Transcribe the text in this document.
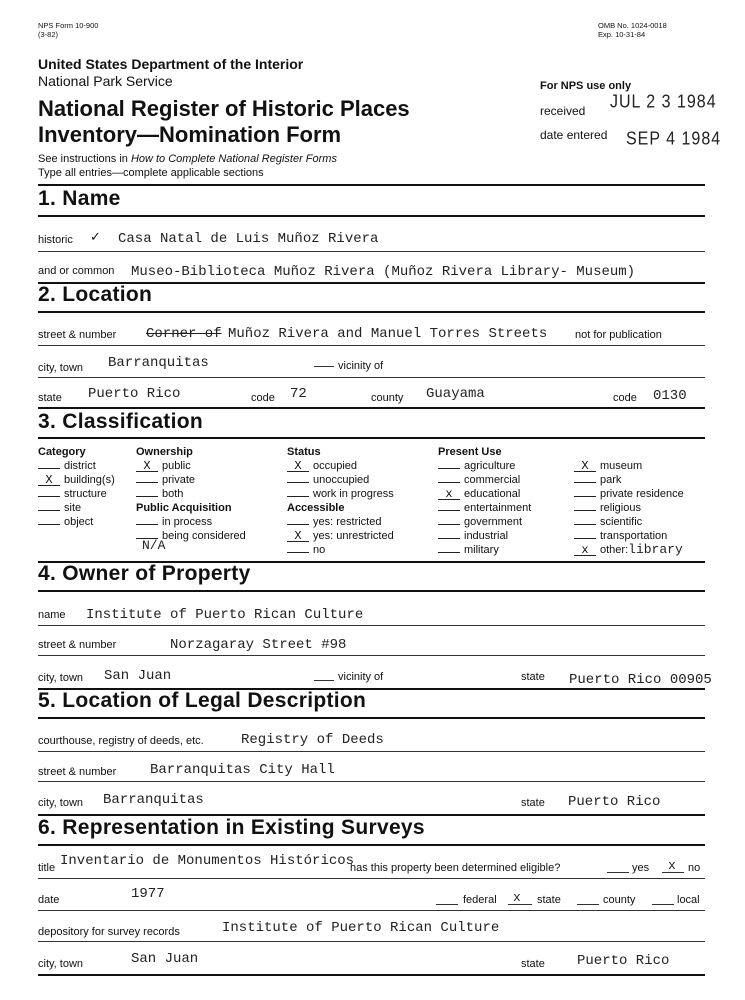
NPS Form 10-900
(3-82)
OMB No. 1024-0018
Exp. 10-31-84
United States Department of the Interior
National Park Service
National Register of Historic Places
Inventory—Nomination Form
See instructions in How to Complete National Register Forms
Type all entries—complete applicable sections
For NPS use only
received JUL 2 3 1984
date entered SEP 4 1984
1. Name
historic ✓ Casa Natal de Luis Muñoz Rivera
and or common Museo-Biblioteca Muñoz Rivera (Muñoz Rivera Library- Museum)
2. Location
street & number Corner of Muñoz Rivera and Manuel Torres Streets	not for publication
city, town Barranquitas	vicinity of
state Puerto Rico	code 72	county Guayama	code 0130
3. Classification
Category
district
X building(s)
structure
site
object
Ownership
X public
private
both
Public Acquisition
in process
being considered
N/A
Status
X occupied
unoccupied
work in progress
Accessible
yes: restricted
X yes: unrestricted
no
Present Use
agriculture
commercial
x educational
entertainment
government
industrial
military
X museum
park
private residence
religious
scientific
transportation
x other:library
4. Owner of Property
name Institute of Puerto Rican Culture
street & number	Norzagaray Street #98
city, town San Juan	vicinity of	state Puerto Rico 00905
5. Location of Legal Description
courthouse, registry of deeds, etc.	Registry of Deeds
street & number Barranquitas City Hall
city, town Barranquitas	state Puerto Rico
6. Representation in Existing Surveys
title Inventario de Monumentos Históricos
has this property been determined eligible?	yes x no
date	1977	federal x state	county	local
depository for survey records	Institute of Puerto Rican Culture
city, town	San Juan	state Puerto Rico
